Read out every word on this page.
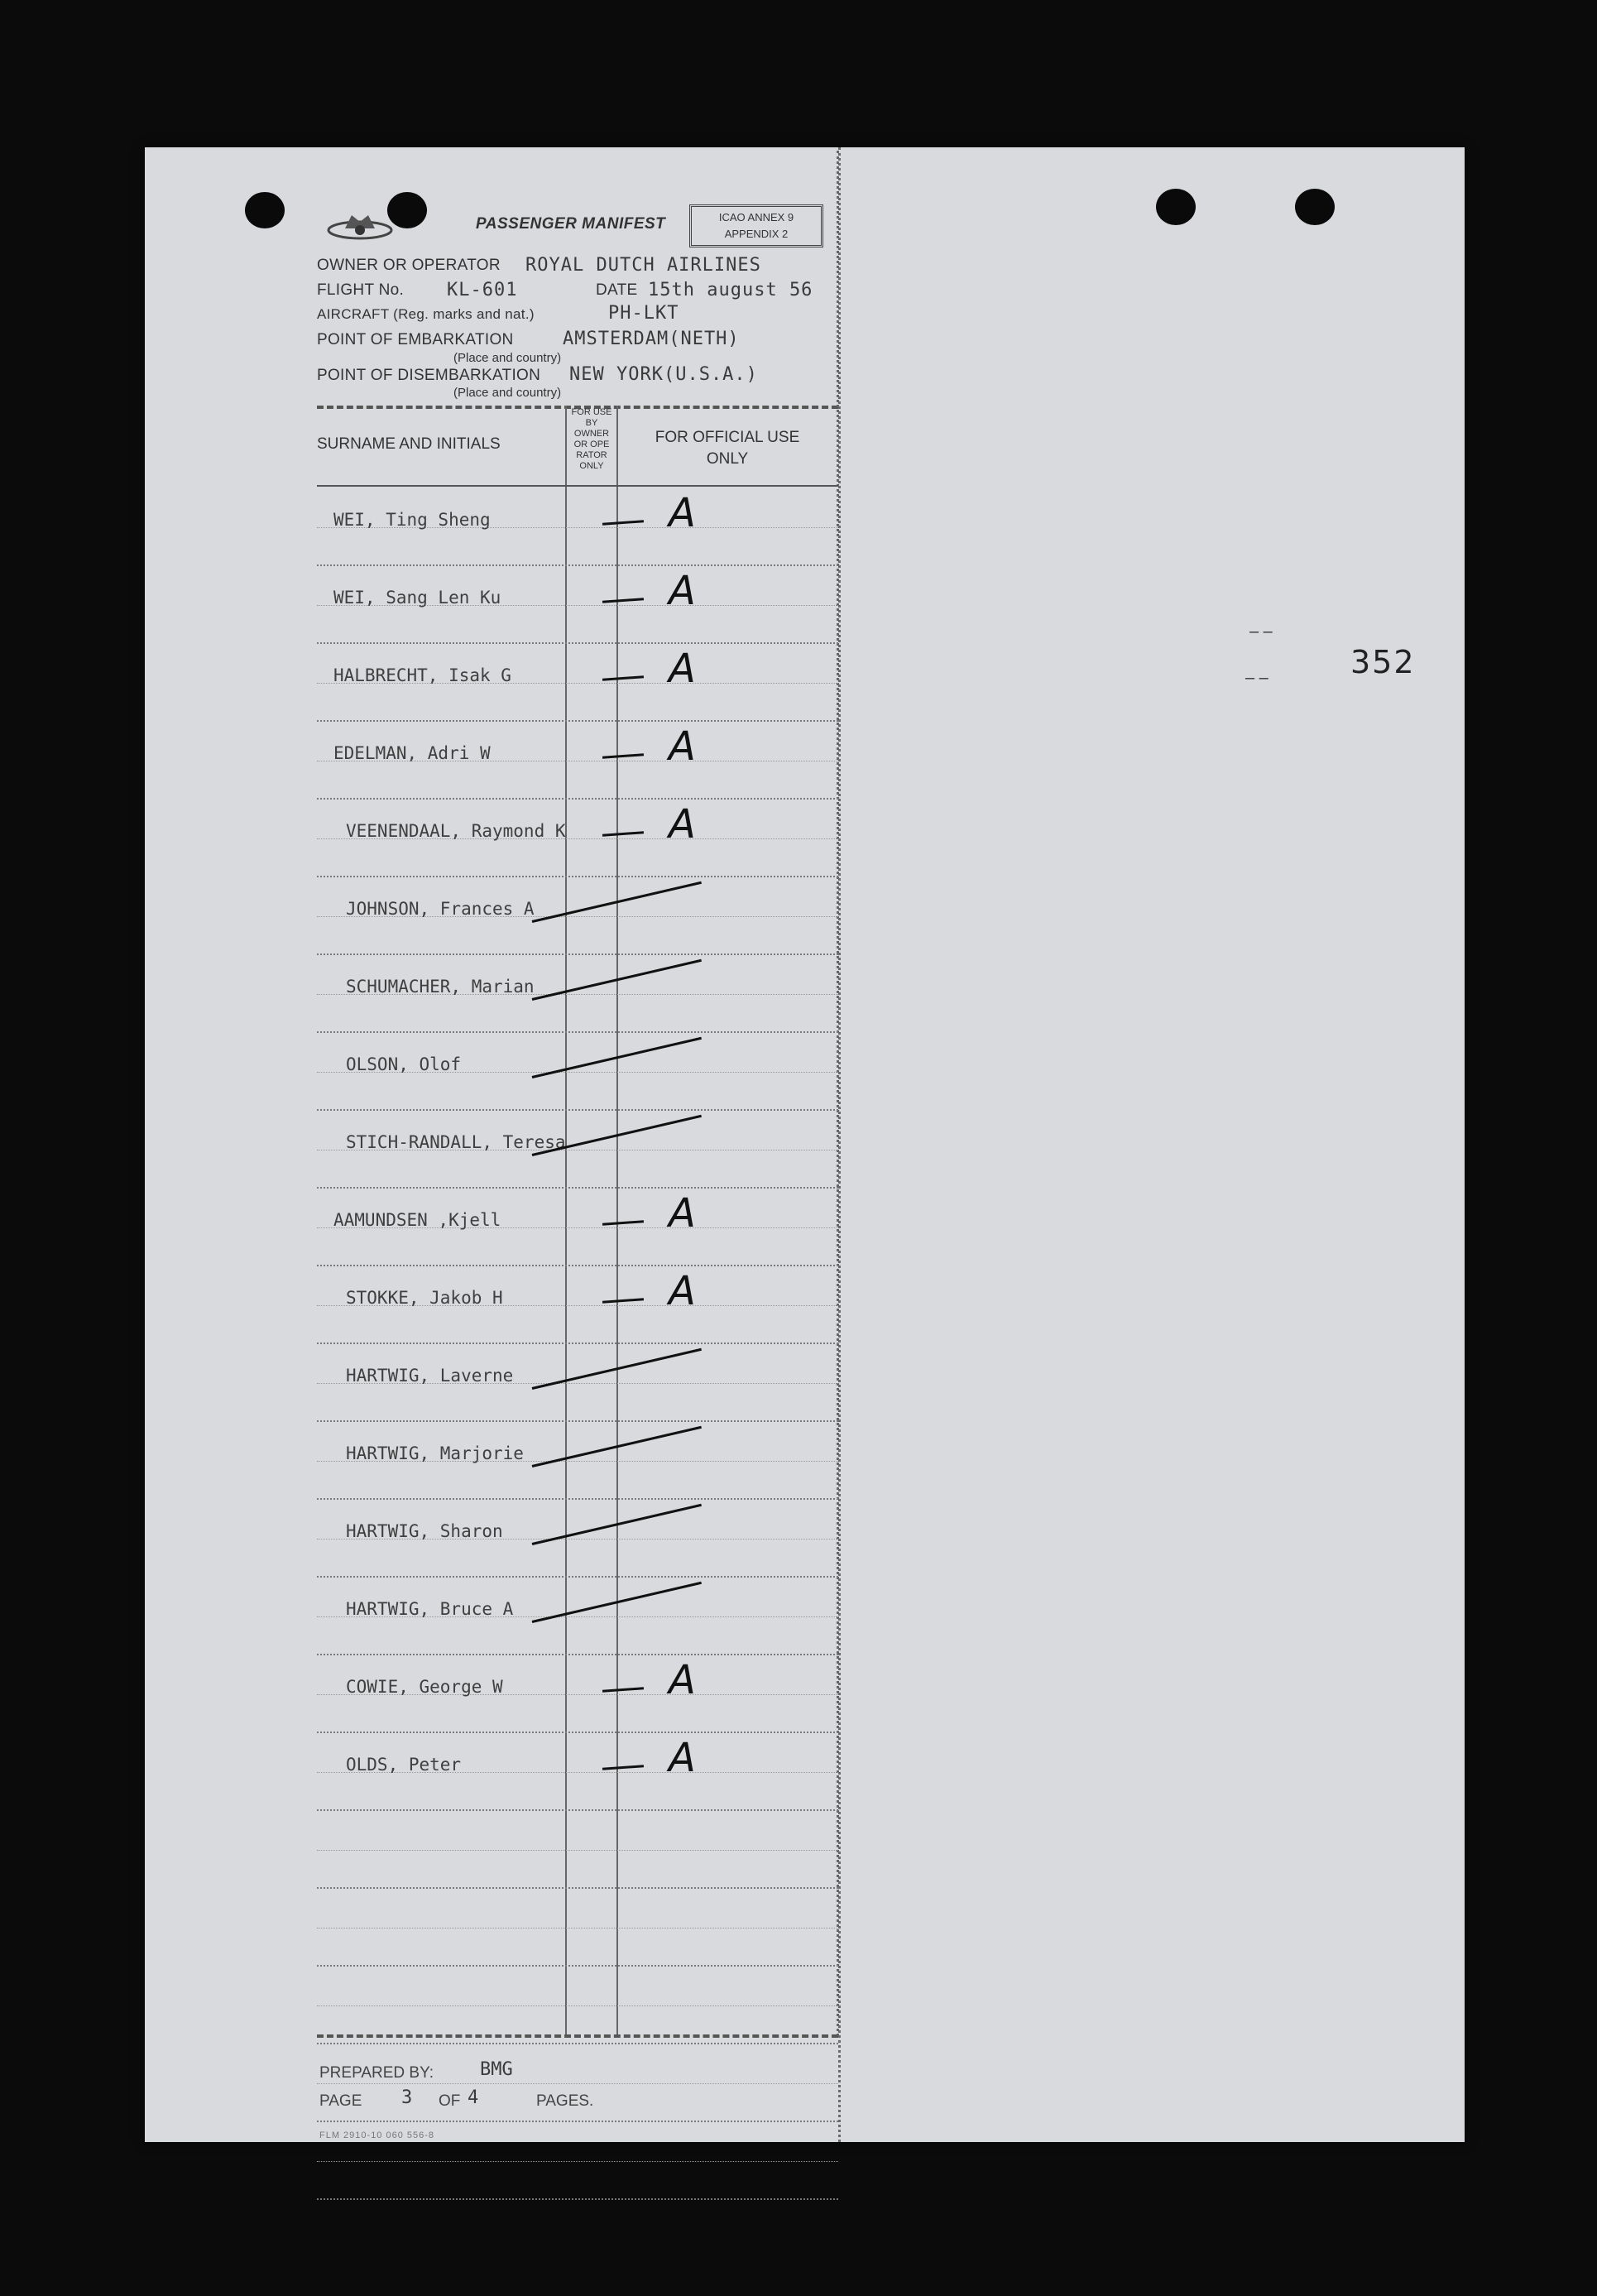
– –
– –	352
PASSENGER MANIFEST	ICAO ANNEX 9
APPENDIX 2
OWNER OR OPERATOR ROYAL DUTCH AIRLINES
FLIGHT No. KL-601	DATE 15th august 56
AIRCRAFT (Reg. marks and nat.)	PH-LKT
POINT OF EMBARKATION	AMSTERDAM(NETH)
(Place and country)
POINT OF DISEMBARKATION NEW YORK(U.S.A.)
(Place and country)
SURNAME AND INITIALS
FOR USE
BY
OWNER
OR OPE
RATOR
ONLY
FOR OFFICIAL USE
ONLY
WEI, Ting Sheng	A
WEI, Sang Len Ku	A
HALBRECHT, Isak G	A
EDELMAN, Adri W	A
VEENENDAAL, Raymond K	A
JOHNSON, Frances A
SCHUMACHER, Marian
OLSON, Olof
STICH-RANDALL, Teresa
AAMUNDSEN ,Kjell	A
STOKKE, Jakob H	A
HARTWIG, Laverne
HARTWIG, Marjorie
HARTWIG, Sharon
HARTWIG, Bruce A
COWIE, George W	A
OLDS, Peter	A
PREPARED BY:	BMG
PAGE 3 OF 4	PAGES.
FLM 2910-10 060 556-8
